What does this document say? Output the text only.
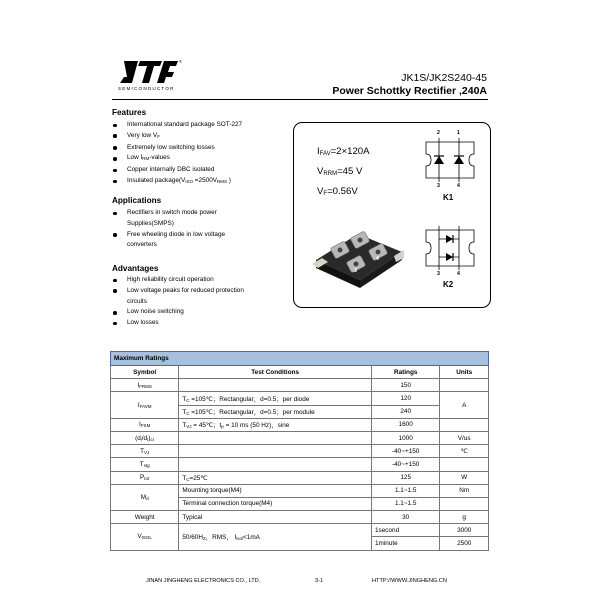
®
SEMICONDUCTOR
JK1S/JK2S240-45
Power Schottky Rectifier ,240A
Features
International standard package SOT-227
Very low $V_F$
Extremely low switching losses
Low $I_{RM}$-values
Copper internally DBC isolated
Insulated $package(V_{ISO} =2500V_{RMS}$ )
Applications
Rectifiers in switch mode power Supplies(SMPS)
Free wheeling diode in low voltage converters
Advantages
High reliability circuit operation
Low voltage peaks for reduced protection circuits
Low noise switching
Low losses
$I_{FAV}=2\times 120A$
$V_{RRM}=45$ V
$V_F=0.56V$
2	1
3	4
K1
3	4
K2
3
4
Maximum Ratings			
Symbol	Test Conditions	Ratings	Units
$I_{FRMS}$		150	
$I_{FAVM}$	$T_C$ =105℃；Rectangular，d=0.5；per diode	120	A
	$T_C$ =105℃；Rectangular，d=0.5；per module	240	
$I_{FSM}$	$T_{VJ}$ = 45℃；$t_p = 10$ ms (50 Hz)，sine	1600	
$(d_i/d_t)_{cr}$		1000	V/us
$T_{VJ}$		-40~+150	℃
$T_{stg}$		-40~+150	
$P_{tot}$	$T_C=25℃$	125	W
$M_d$	Mounting torque(M4)	1.1~1.5	Nm
	Terminal connection torque(M4)	1.1~1.5	
Weight	Typical	30	g
$V_{ISOL}$	$50/60H_Z$，RMS， $I_{isol}<1mA$	1second	3000
		1minute	2500
JINAN JINGHENG ELECTRONICS CO., LTD.	3-1	HTTP://WWW.JINGHENG.CN
